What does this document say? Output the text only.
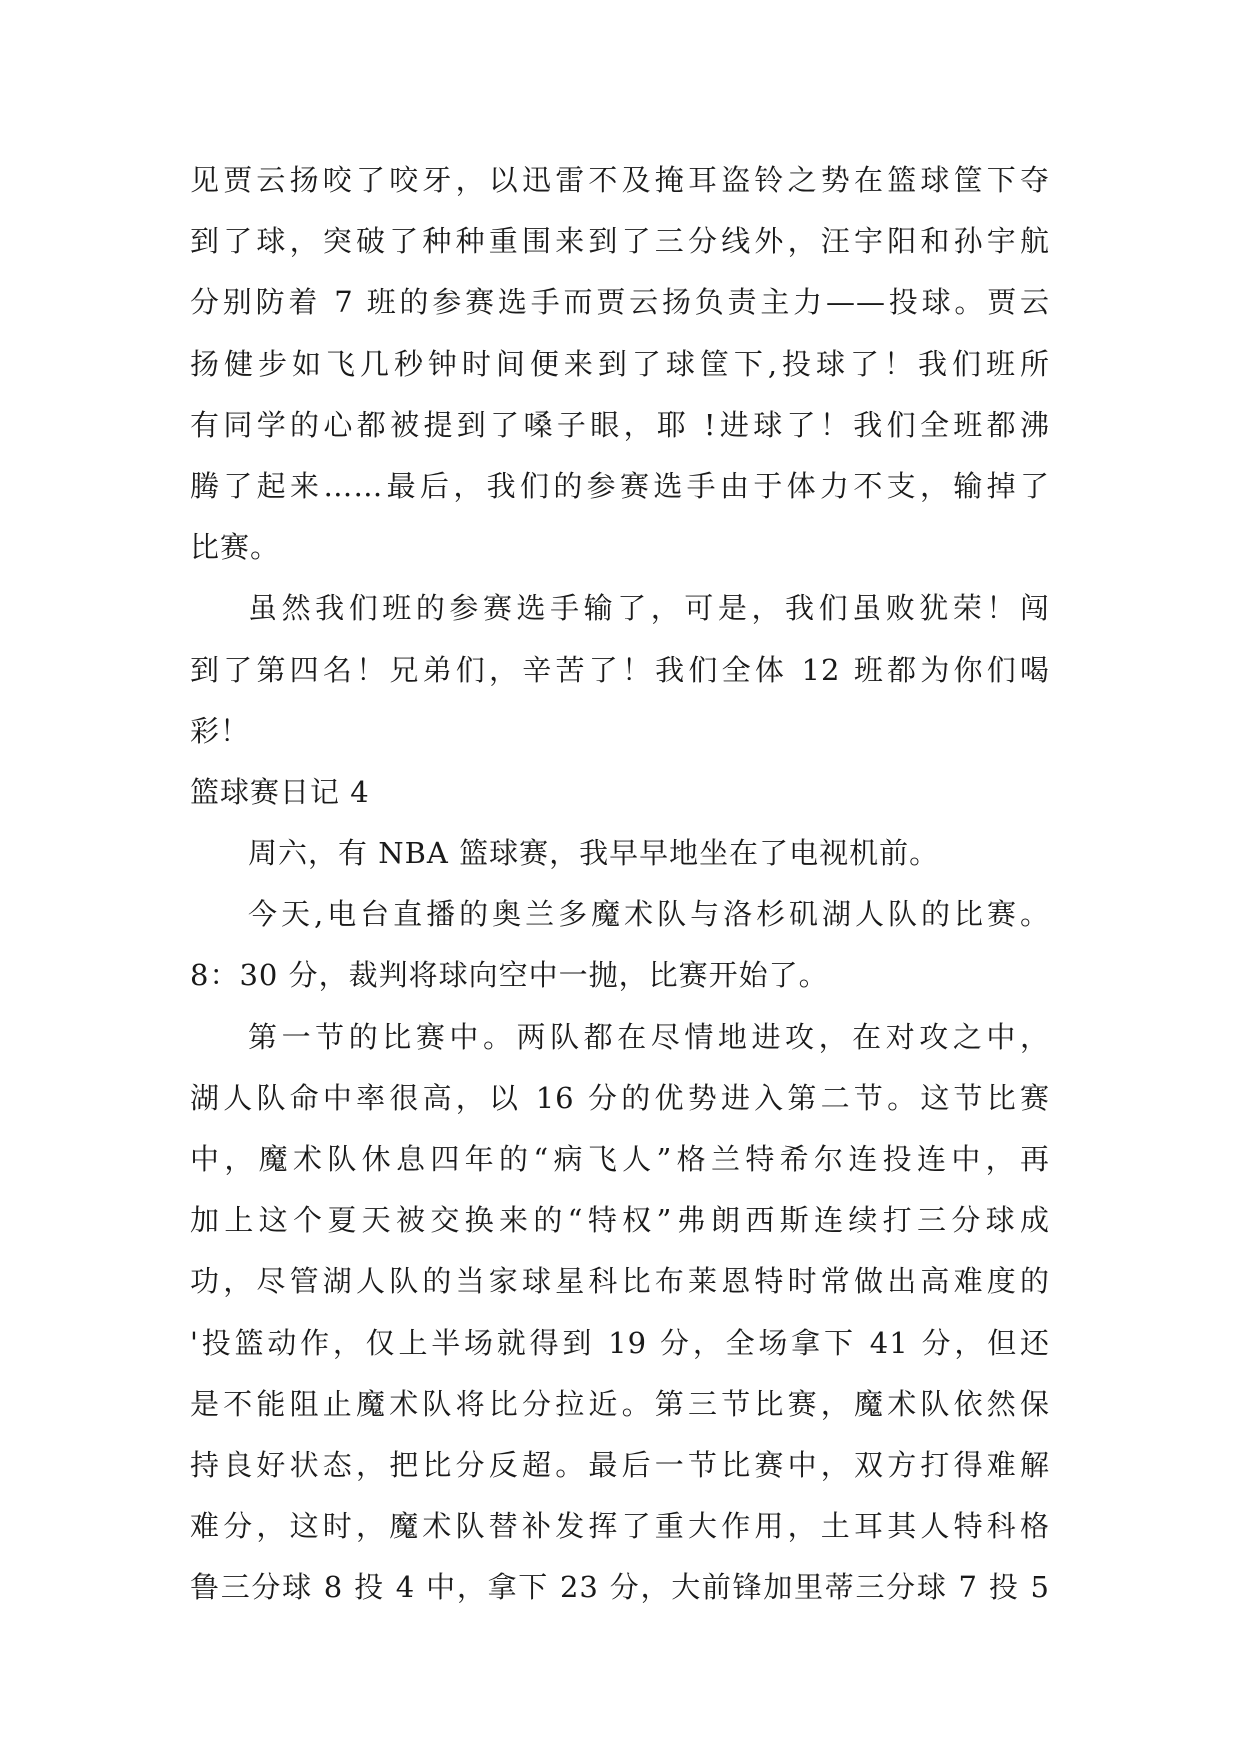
见贾云扬咬了咬牙，以迅雷不及掩耳盗铃之势在篮球筐下夺
到了球，突破了种种重围来到了三分线外，汪宇阳和孙宇航
分别防着 7 班的参赛选手而贾云扬负责主力——投球。贾云
扬健步如飞几秒钟时间便来到了球筐下,投球了！我们班所
有同学的心都被提到了嗓子眼，耶 !进球了！我们全班都沸
腾了起来……最后，我们的参赛选手由于体力不支，输掉了
比赛。
虽然我们班的参赛选手输了，可是，我们虽败犹荣！闯
到了第四名！兄弟们，辛苦了！我们全体 12 班都为你们喝
彩！
篮球赛日记 4
周六，有 NBA 篮球赛，我早早地坐在了电视机前。
今天,电台直播的奥兰多魔术队与洛杉矶湖人队的比赛。
8：30 分，裁判将球向空中一抛，比赛开始了。
第一节的比赛中。两队都在尽情地进攻，在对攻之中，
湖人队命中率很高，以 16 分的优势进入第二节。这节比赛
中，魔术队休息四年的“病飞人”格兰特希尔连投连中，再
加上这个夏天被交换来的“特权”弗朗西斯连续打三分球成
功，尽管湖人队的当家球星科比布莱恩特时常做出高难度的
'投篮动作，仅上半场就得到 19 分，全场拿下 41 分，但还
是不能阻止魔术队将比分拉近。第三节比赛，魔术队依然保
持良好状态，把比分反超。最后一节比赛中，双方打得难解
难分，这时，魔术队替补发挥了重大作用，土耳其人特科格
鲁三分球 8 投 4 中，拿下 23 分，大前锋加里蒂三分球 7 投 5
